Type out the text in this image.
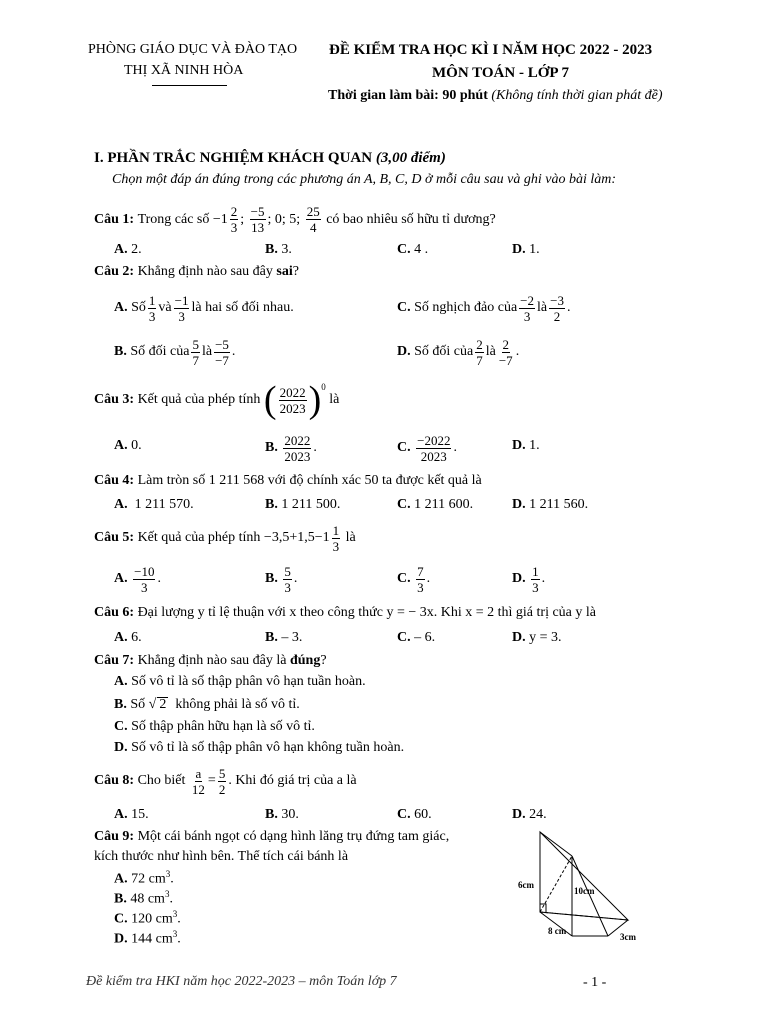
PHÒNG GIÁO DỤC VÀ ĐÀO TẠO
THỊ XÃ NINH HÒA
ĐỀ KIỂM TRA HỌC KÌ I NĂM HỌC 2022 - 2023
MÔN TOÁN - LỚP 7
Thời gian làm bài: 90 phút (Không tính thời gian phát đề)
I. PHẦN TRẮC NGHIỆM KHÁCH QUAN (3,00 điểm)
Chọn một đáp án đúng trong các phương án A, B, C, D ở mỗi câu sau và ghi vào bài làm:
Câu 1:
Trong các số
$-1 \frac{2}{3}$ ;
$\frac{-5}{13}$ ; 0; 5;
$\frac{25}{4}$
có bao nhiêu số hữu tỉ dương?
A. 2.	B. 3.	C. 4 .	D. 1.
Câu 2: Khẳng định nào sau đây sai?
A.
Số $\frac{1}{3}$ và $\frac{-1}{3}$ là hai số đối nhau.	C.
Số nghịch đảo của $\frac{-2}{3}$ là $\frac{-3}{2}$ .
B.
Số đối của $\frac{5}{7}$ là $\frac{-5}{-7}$ .	D.
Số đối của $\frac{2}{7}$ là $\frac{2}{-7}$ .
Câu 3:
Kết quả của phép tính
( $\frac{2022}{2023} )^0$

là
A. 0.	B.
$\frac{2022}{2023}$ .	C.
$\frac{-2022}{2023}$ .	D. 1.
Câu 4: Làm tròn số 1 211 568 với độ chính xác 50 ta được kết quả là
A. 1 211 570.	B. 1 211 500.	C. 1 211 600.	D. 1 211 560.
Câu 5:
Kết quả của phép tính
$-3,5+1,5-1 \frac{1}{3}$
là
A.
$\frac{-10}{3}$ .	B.
$\frac{5}{3}$ .	C.
$\frac{7}{3}$ .	D.
$\frac{1}{3}$ .
Câu 6: Đại lượng y tỉ lệ thuận với x theo công thức y = − 3x. Khi x = 2 thì giá trị của y là
A. 6.	B. – 3.	C. – 6.	D. y = 3.
Câu 7: Khẳng định nào sau đây là đúng?
A. Số vô tỉ là số thập phân vô hạn tuần hoàn.
B. Số √ 2 không phải là số vô tỉ.
C. Số thập phân hữu hạn là số vô tỉ.
D. Số vô tỉ là số thập phân vô hạn không tuần hoàn.
Câu 8:
Cho biết
$\frac{a}{12} = \frac{5}{2}$ . Khi đó giá trị của a là
A. 15.	B. 30.	C. 60.	D. 24.
Câu 9: Một cái bánh ngọt có dạng hình lăng trụ đứng tam giác,
kích thước như hình bên. Thể tích cái bánh là
A. 72 $cm^3$.
B. 48 $cm^3$.
C. 120 $cm^3$.
D. 144 $cm^3$.
6cm
10cm
8 cm
3cm
Đề kiểm tra HKI năm học 2022-2023 – môn Toán lớp 7	- 1 -
